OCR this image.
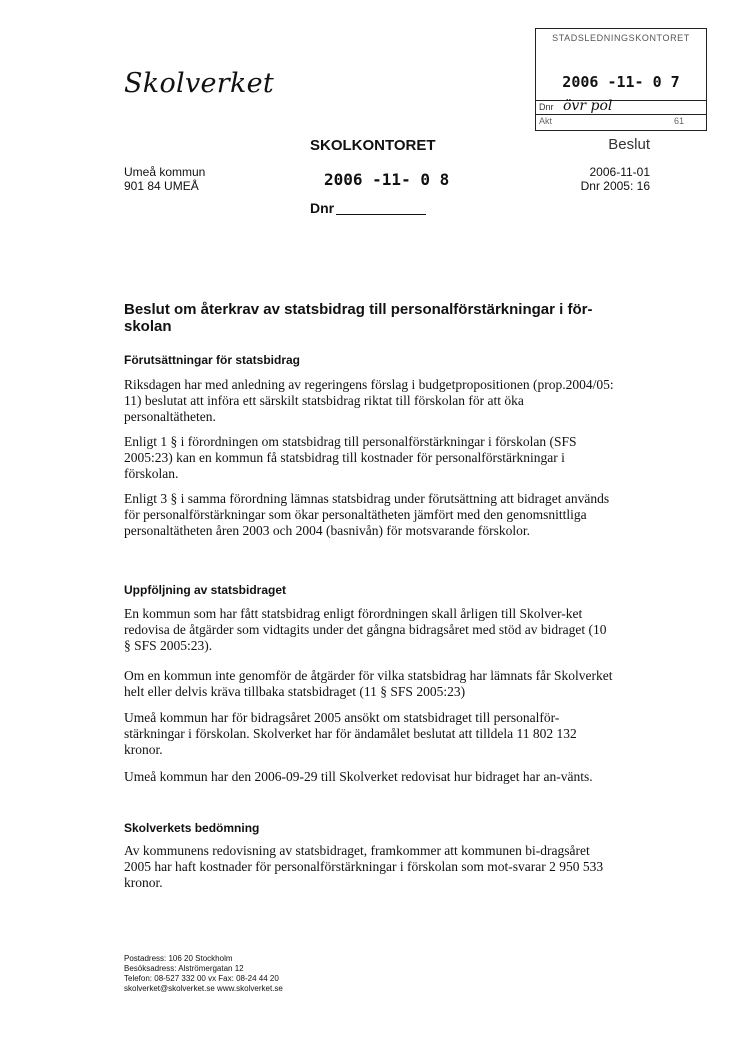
Skolverket
STADSLEDNINGSKONTORET
2006 -11- 0 7
Dnr övr pol
Akt	61
SKOLKONTORET
2006 -11- 0 8
Dnr
Beslut
Umeå kommun
901 84 UMEÅ
2006-11-01
Dnr 2005: 16
Beslut om återkrav av statsbidrag till personalförstärkningar i för-
skolan
Förutsättningar för statsbidrag
Riksdagen har med anledning av regeringens förslag i budgetpropositionen (prop.2004/05: 11) beslutat att införa ett särskilt statsbidrag riktat till förskolan för att öka personaltätheten.
Enligt 1 § i förordningen om statsbidrag till personalförstärkningar i förskolan (SFS 2005:23) kan en kommun få statsbidrag till kostnader för personalförstärkningar i förskolan.
Enligt 3 § i samma förordning lämnas statsbidrag under förutsättning att bidraget används för personalförstärkningar som ökar personaltätheten jämfört med den genomsnittliga personaltätheten åren 2003 och 2004 (basnivån) för motsvarande förskolor.
Uppföljning av statsbidraget
En kommun som har fått statsbidrag enligt förordningen skall årligen till Skolver-ket redovisa de åtgärder som vidtagits under det gångna bidragsåret med stöd av bidraget (10 § SFS 2005:23).
Om en kommun inte genomför de åtgärder för vilka statsbidrag har lämnats får Skolverket helt eller delvis kräva tillbaka statsbidraget (11 § SFS 2005:23)
Umeå kommun har för bidragsåret 2005 ansökt om statsbidraget till personalför-stärkningar i förskolan. Skolverket har för ändamålet beslutat att tilldela 11 802 132 kronor.
Umeå kommun har den 2006-09-29 till Skolverket redovisat hur bidraget har an-vänts.
Skolverkets bedömning
Av kommunens redovisning av statsbidraget, framkommer att kommunen bi-dragsåret 2005 har haft kostnader för personalförstärkningar i förskolan som mot-svarar 2 950 533 kronor.
Postadress: 106 20 Stockholm
Besöksadress: Alströmergatan 12
Telefon: 08-527 332 00 vx Fax: 08-24 44 20
skolverket@skolverket.se www.skolverket.se
